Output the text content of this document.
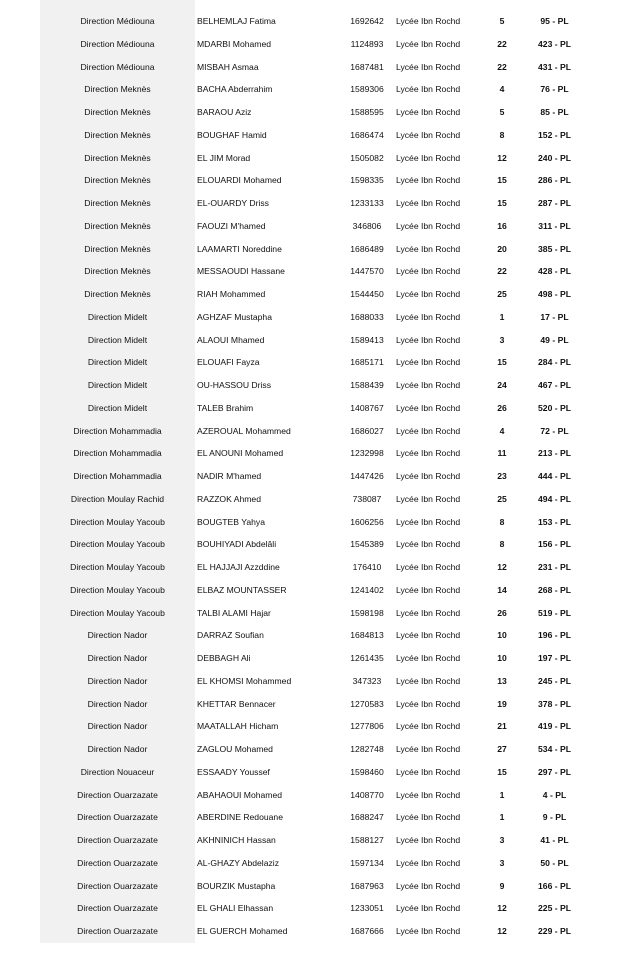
Direction Médiouna	BELHEMLAJ Fatima	1692642	Lycée Ibn Rochd	5	95 - PL
Direction Médiouna	MDARBI Mohamed	1124893	Lycée Ibn Rochd	22	423 - PL
Direction Médiouna	MISBAH Asmaa	1687481	Lycée Ibn Rochd	22	431 - PL
Direction Meknès	BACHA Abderrahim	1589306	Lycée Ibn Rochd	4	76 - PL
Direction Meknès	BARAOU Aziz	1588595	Lycée Ibn Rochd	5	85 - PL
Direction Meknès	BOUGHAF Hamid	1686474	Lycée Ibn Rochd	8	152 - PL
Direction Meknès	EL JIM Morad	1505082	Lycée Ibn Rochd	12	240 - PL
Direction Meknès	ELOUARDI Mohamed	1598335	Lycée Ibn Rochd	15	286 - PL
Direction Meknès	EL-OUARDY Driss	1233133	Lycée Ibn Rochd	15	287 - PL
Direction Meknès	FAOUZI M'hamed	346806	Lycée Ibn Rochd	16	311 - PL
Direction Meknès	LAAMARTI Noreddine	1686489	Lycée Ibn Rochd	20	385 - PL
Direction Meknès	MESSAOUDI Hassane	1447570	Lycée Ibn Rochd	22	428 - PL
Direction Meknès	RIAH Mohammed	1544450	Lycée Ibn Rochd	25	498 - PL
Direction Midelt	AGHZAF Mustapha	1688033	Lycée Ibn Rochd	1	17 - PL
Direction Midelt	ALAOUI Mhamed	1589413	Lycée Ibn Rochd	3	49 - PL
Direction Midelt	ELOUAFI Fayza	1685171	Lycée Ibn Rochd	15	284 - PL
Direction Midelt	OU-HASSOU Driss	1588439	Lycée Ibn Rochd	24	467 - PL
Direction Midelt	TALEB Brahim	1408767	Lycée Ibn Rochd	26	520 - PL
Direction Mohammadia	AZEROUAL Mohammed	1686027	Lycée Ibn Rochd	4	72 - PL
Direction Mohammadia	EL ANOUNI Mohamed	1232998	Lycée Ibn Rochd	11	213 - PL
Direction Mohammadia	NADIR M'hamed	1447426	Lycée Ibn Rochd	23	444 - PL
Direction Moulay Rachid	RAZZOK Ahmed	738087	Lycée Ibn Rochd	25	494 - PL
Direction Moulay Yacoub	BOUGTEB Yahya	1606256	Lycée Ibn Rochd	8	153 - PL
Direction Moulay Yacoub	BOUHIYADI Abdelâli	1545389	Lycée Ibn Rochd	8	156 - PL
Direction Moulay Yacoub	EL HAJJAJI Azzddine	176410	Lycée Ibn Rochd	12	231 - PL
Direction Moulay Yacoub	ELBAZ MOUNTASSER	1241402	Lycée Ibn Rochd	14	268 - PL
Direction Moulay Yacoub	TALBI ALAMI Hajar	1598198	Lycée Ibn Rochd	26	519 - PL
Direction Nador	DARRAZ Soufian	1684813	Lycée Ibn Rochd	10	196 - PL
Direction Nador	DEBBAGH Ali	1261435	Lycée Ibn Rochd	10	197 - PL
Direction Nador	EL KHOMSI Mohammed	347323	Lycée Ibn Rochd	13	245 - PL
Direction Nador	KHETTAR Bennacer	1270583	Lycée Ibn Rochd	19	378 - PL
Direction Nador	MAATALLAH Hicham	1277806	Lycée Ibn Rochd	21	419 - PL
Direction Nador	ZAGLOU Mohamed	1282748	Lycée Ibn Rochd	27	534 - PL
Direction Nouaceur	ESSAADY Youssef	1598460	Lycée Ibn Rochd	15	297 - PL
Direction Ouarzazate	ABAHAOUI Mohamed	1408770	Lycée Ibn Rochd	1	4 - PL
Direction Ouarzazate	ABERDINE Redouane	1688247	Lycée Ibn Rochd	1	9 - PL
Direction Ouarzazate	AKHNINICH Hassan	1588127	Lycée Ibn Rochd	3	41 - PL
Direction Ouarzazate	AL-GHAZY Abdelaziz	1597134	Lycée Ibn Rochd	3	50 - PL
Direction Ouarzazate	BOURZIK Mustapha	1687963	Lycée Ibn Rochd	9	166 - PL
Direction Ouarzazate	EL GHALI Elhassan	1233051	Lycée Ibn Rochd	12	225 - PL
Direction Ouarzazate	EL GUERCH Mohamed	1687666	Lycée Ibn Rochd	12	229 - PL
